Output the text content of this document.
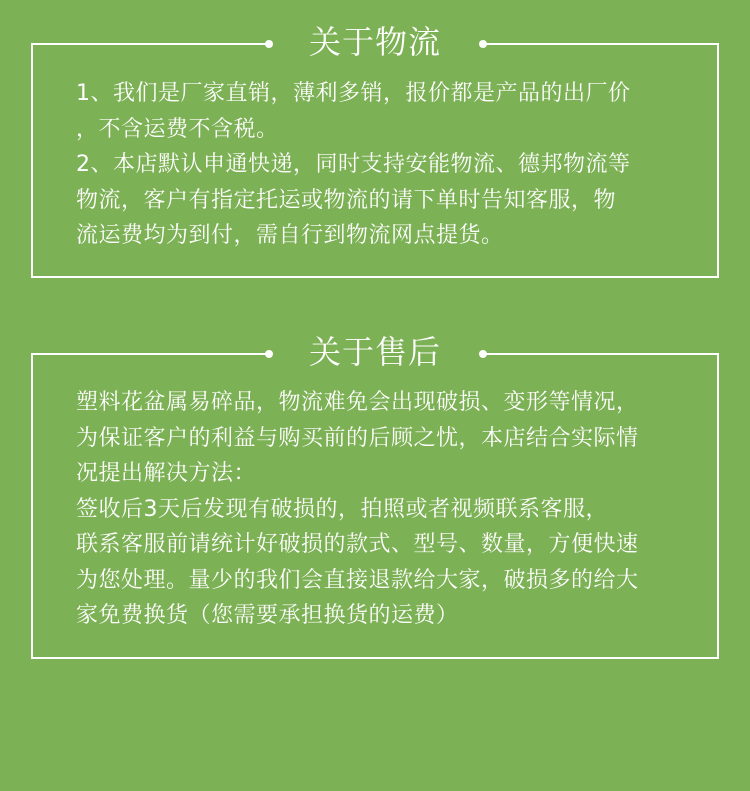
关于物流

1、我们是厂家直销，薄利多销，报价都是产品的出厂价

，不含运费不含税。

2、本店默认申通快递，同时支持安能物流、德邦物流等

物流，客户有指定托运或物流的请下单时告知客服，物

流运费均为到付，需自行到物流网点提货。

关于售后

塑料花盆属易碎品，物流难免会出现破损、变形等情况，

为保证客户的利益与购买前的后顾之忧，本店结合实际情

况提出解决方法：

签收后3天后发现有破损的，拍照或者视频联系客服，

联系客服前请统计好破损的款式、型号、数量，方便快速

为您处理。量少的我们会直接退款给大家，破损多的给大

家免费换货（您需要承担换货的运费）
